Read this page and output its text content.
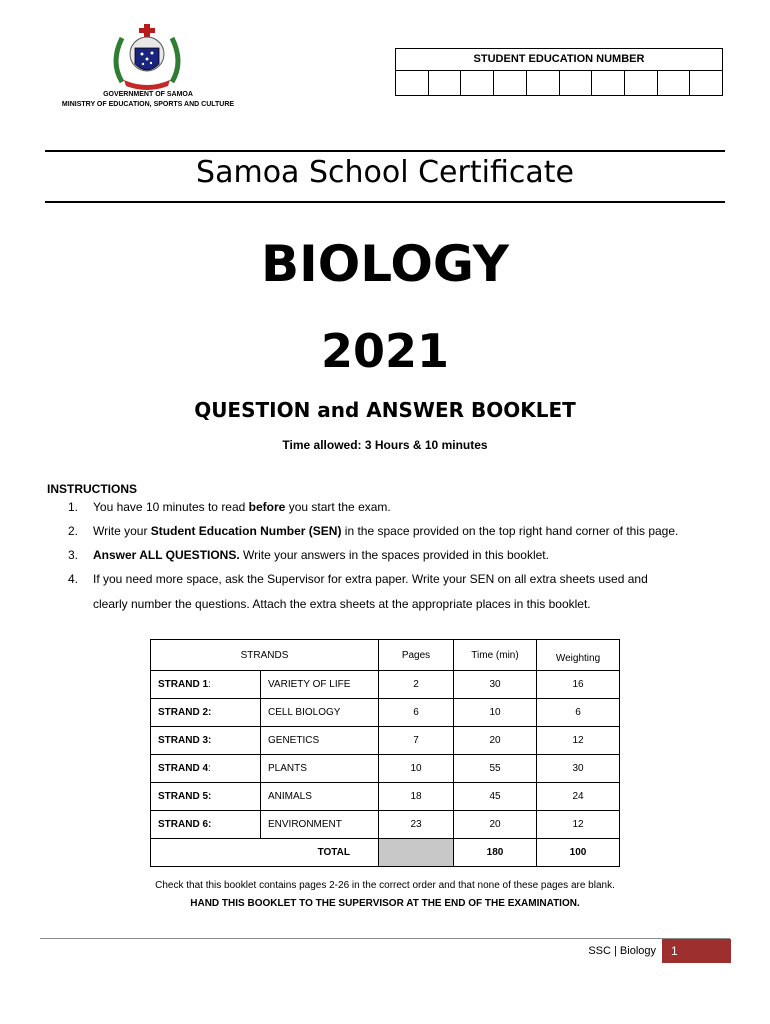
GOVERNMENT OF SAMOA
MINISTRY OF EDUCATION, SPORTS AND CULTURE
STUDENT EDUCATION NUMBER
Samoa School Certificate
BIOLOGY
2021
QUESTION and ANSWER BOOKLET
Time allowed: 3 Hours & 10 minutes
INSTRUCTIONS
1. You have 10 minutes to read before you start the exam.
2. Write your Student Education Number (SEN) in the space provided on the top right hand corner of this page.
3. Answer ALL QUESTIONS. Write your answers in the spaces provided in this booklet.
4. If you need more space, ask the Supervisor for extra paper. Write your SEN on all extra sheets used and
clearly number the questions. Attach the extra sheets at the appropriate places in this booklet.
STRANDS		Pages	Time (min)	Weighting
STRAND 1:	VARIETY OF LIFE	2	30	16
STRAND 2:	CELL BIOLOGY	6	10	6
STRAND 3:	GENETICS	7	20	12
STRAND 4:	PLANTS	10	55	30
STRAND 5:	ANIMALS	18	45	24
STRAND 6:	ENVIRONMENT	23	20	12
TOTAL			180	100
Check that this booklet contains pages 2-26 in the correct order and that none of these pages are blank.
HAND THIS BOOKLET TO THE SUPERVISOR AT THE END OF THE EXAMINATION.
SSC | Biology	1
